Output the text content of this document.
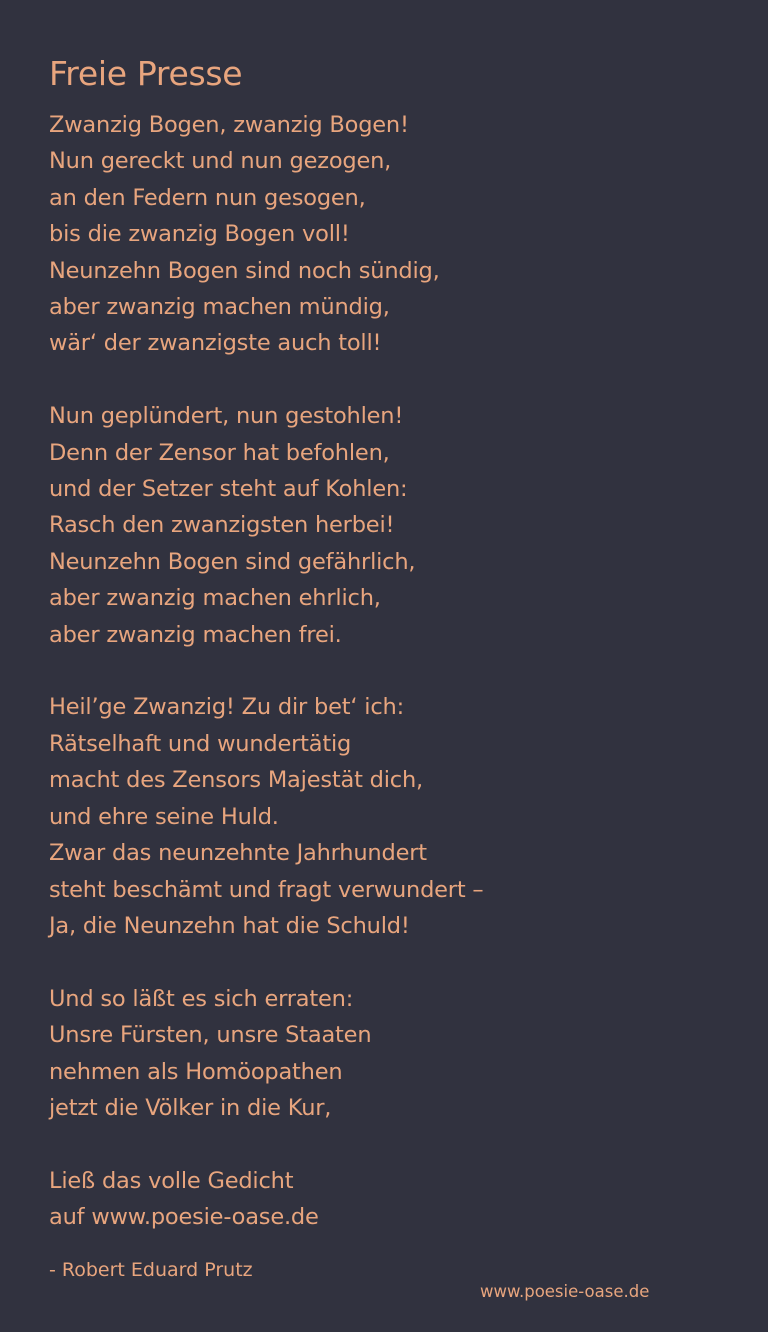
Freie Presse
Zwanzig Bogen, zwanzig Bogen!
Nun gereckt und nun gezogen,
an den Federn nun gesogen,
bis die zwanzig Bogen voll!
Neunzehn Bogen sind noch sündig,
aber zwanzig machen mündig,
wär‘ der zwanzigste auch toll!
Nun geplündert, nun gestohlen!
Denn der Zensor hat befohlen,
und der Setzer steht auf Kohlen:
Rasch den zwanzigsten herbei!
Neunzehn Bogen sind gefährlich,
aber zwanzig machen ehrlich,
aber zwanzig machen frei.
Heil’ge Zwanzig! Zu dir bet‘ ich:
Rätselhaft und wundertätig
macht des Zensors Majestät dich,
und ehre seine Huld.
Zwar das neunzehnte Jahrhundert
steht beschämt und fragt verwundert –
Ja, die Neunzehn hat die Schuld!
Und so läßt es sich erraten:
Unsre Fürsten, unsre Staaten
nehmen als Homöopathen
jetzt die Völker in die Kur,
Ließ das volle Gedicht
auf www.poesie-oase.de
- Robert Eduard Prutz
www.poesie-oase.de
